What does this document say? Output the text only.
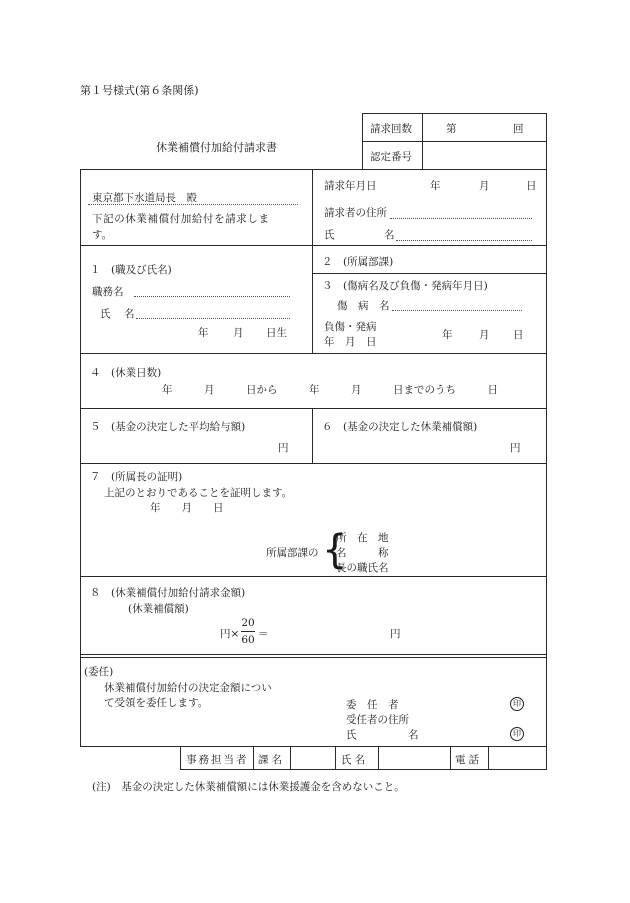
第１号様式(第６条関係)
休業補償付加給付請求書
請求回数	第	回
認定番号
東京都下水道局長　殿
下記の休業補償付加給付を請求しま
す。
請求年月日	年	月	日
請求者の住所
氏	名
１　(職及び氏名)
職務名
氏 名
年 月 日生
２　(所属部課)
３　(傷病名及び負傷・発病年月日)
傷　病　名
負傷・発病
年　月　日
年	月 日
４　(休業日数)
年　　　月　　　日から　　　年　　　月　　　日までのうち　　　日
５　(基金の決定した平均給与額)
円
６　(基金の決定した休業補償額)
円
７　(所属長の証明)
上記のとおりであることを証明します。
年　　月　　日
所属部課の {
所　在　地
名　　　称
長の職氏名
８　(休業補償付加給付請求金額)
(休業補償額)
円×
20
60 ＝	円
(委任)
休業補償付加給付の決定金額につい
て受領を委任します。	委　任　者	印
受任者の住所
氏	名	印
事務担当者 課名	氏名	電話
(注)　基金の決定した休業補償額には休業援護金を含めないこと。
